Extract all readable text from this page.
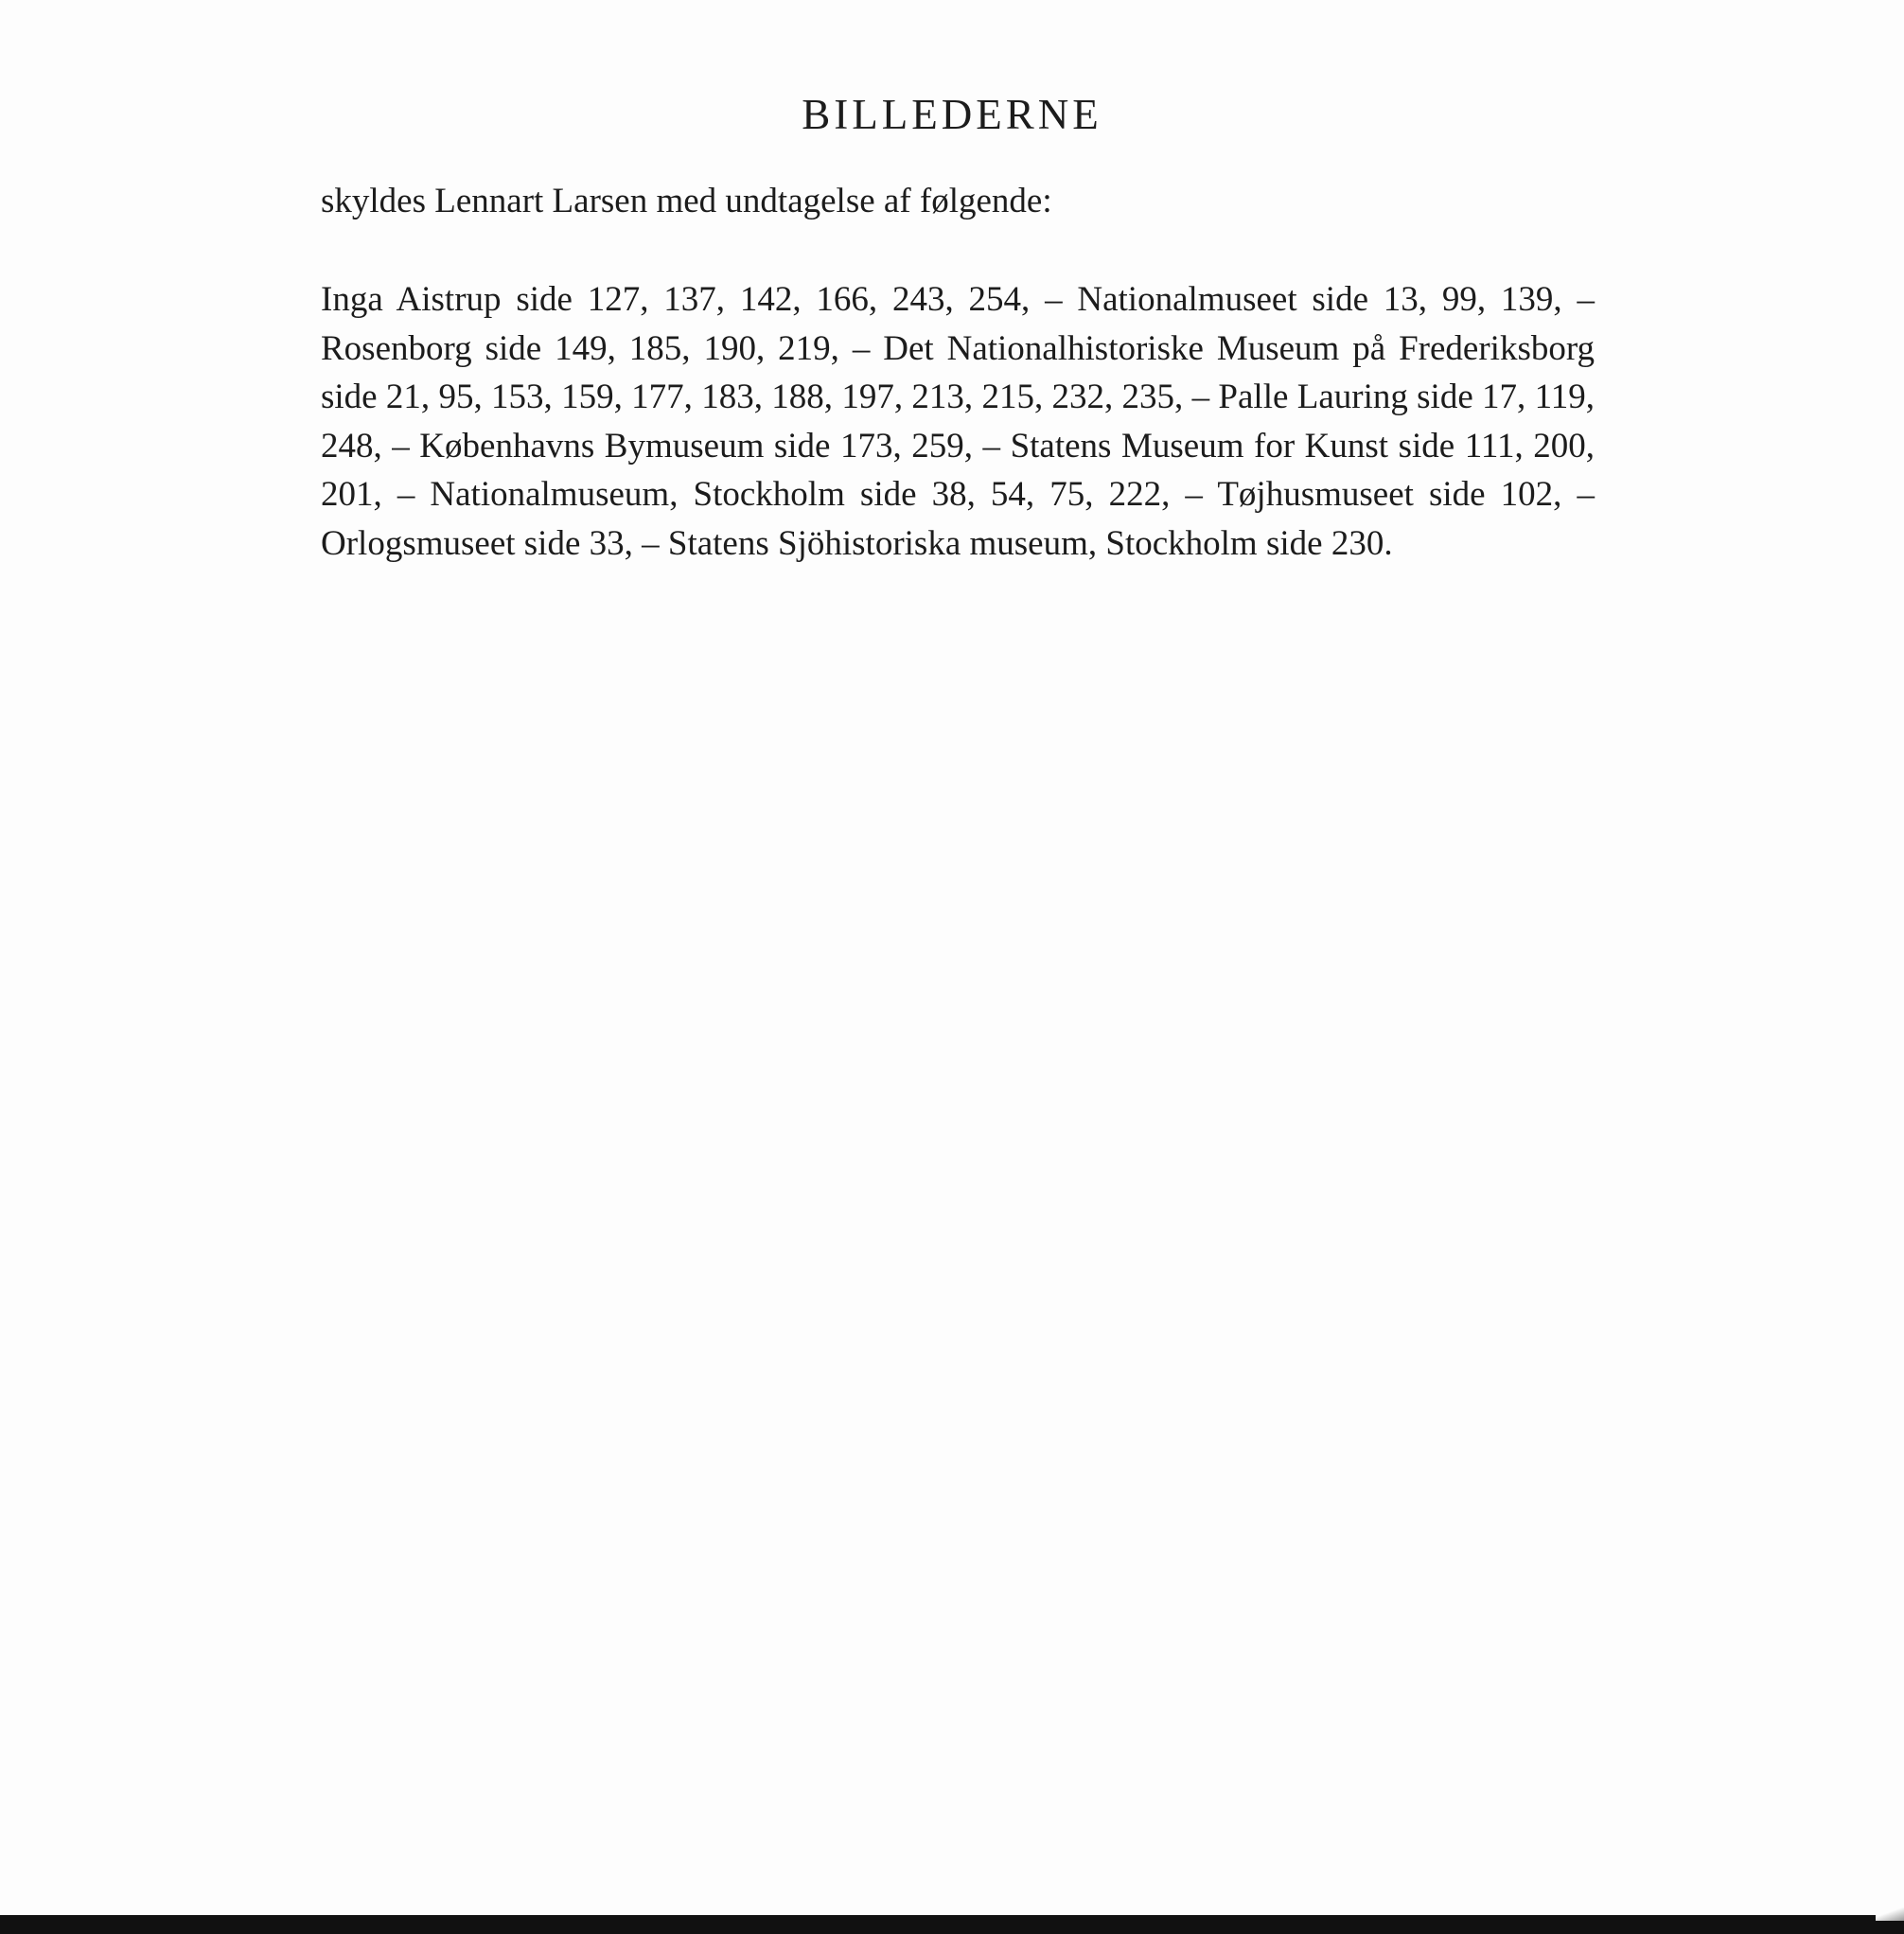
BILLEDERNE

skyldes Lennart Larsen med undtagelse af følgende:

Inga Aistrup side 127, 137, 142, 166, 243, 254, – Nationalmuseet side 13, 99, 139, – Rosenborg side 149, 185, 190, 219, – Det Nationalhistoriske Museum på Frederiksborg side 21, 95, 153, 159, 177, 183, 188, 197, 213, 215, 232, 235, – Palle Lauring side 17, 119, 248, – Københavns Bymuseum side 173, 259, – Statens Museum for Kunst side 111, 200, 201, – Nationalmuseum, Stockholm side 38, 54, 75, 222, – Tøjhusmuseet side 102, – Orlogsmuseet side 33, – Statens Sjöhistoriska museum, Stockholm side 230.
